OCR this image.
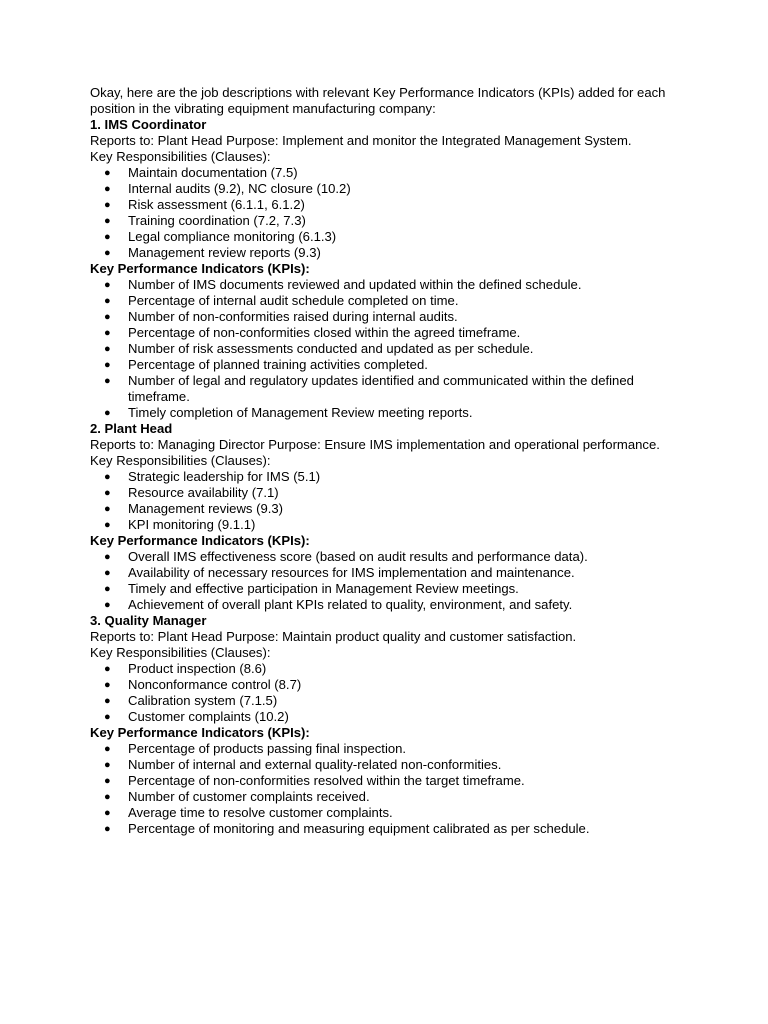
Okay, here are the job descriptions with relevant Key Performance Indicators (KPIs) added for each position in the vibrating equipment manufacturing company:

1. IMS Coordinator

Reports to: Plant Head Purpose: Implement and monitor the Integrated Management System.

Key Responsibilities (Clauses):

● Maintain documentation (7.5)
● Internal audits (9.2), NC closure (10.2)
● Risk assessment (6.1.1, 6.1.2)
● Training coordination (7.2, 7.3)
● Legal compliance monitoring (6.1.3)
● Management review reports (9.3)

Key Performance Indicators (KPIs):

● Number of IMS documents reviewed and updated within the defined schedule.
● Percentage of internal audit schedule completed on time.
● Number of non-conformities raised during internal audits.
● Percentage of non-conformities closed within the agreed timeframe.
● Number of risk assessments conducted and updated as per schedule.
● Percentage of planned training activities completed.
● Number of legal and regulatory updates identified and communicated within the defined timeframe.
● Timely completion of Management Review meeting reports.

2. Plant Head

Reports to: Managing Director Purpose: Ensure IMS implementation and operational performance.

Key Responsibilities (Clauses):

● Strategic leadership for IMS (5.1)
● Resource availability (7.1)
● Management reviews (9.3)
● KPI monitoring (9.1.1)

Key Performance Indicators (KPIs):

● Overall IMS effectiveness score (based on audit results and performance data).
● Availability of necessary resources for IMS implementation and maintenance.
● Timely and effective participation in Management Review meetings.
● Achievement of overall plant KPIs related to quality, environment, and safety.

3. Quality Manager

Reports to: Plant Head Purpose: Maintain product quality and customer satisfaction.

Key Responsibilities (Clauses):

● Product inspection (8.6)
● Nonconformance control (8.7)
● Calibration system (7.1.5)
● Customer complaints (10.2)

Key Performance Indicators (KPIs):

● Percentage of products passing final inspection.
● Number of internal and external quality-related non-conformities.
● Percentage of non-conformities resolved within the target timeframe.
● Number of customer complaints received.
● Average time to resolve customer complaints.
● Percentage of monitoring and measuring equipment calibrated as per schedule.
